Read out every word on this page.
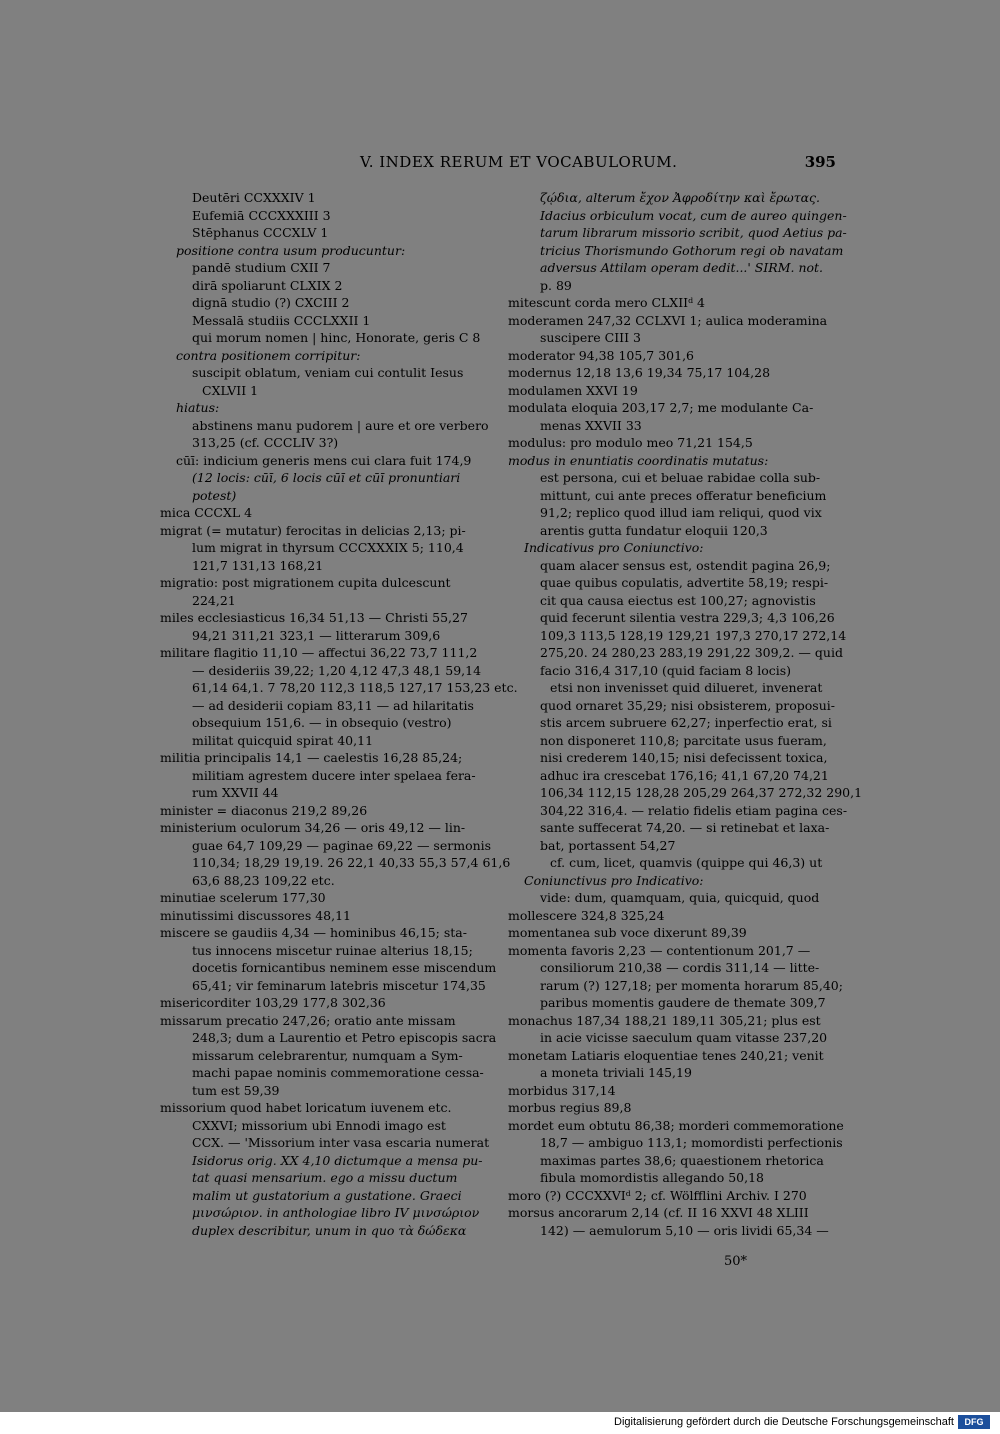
V. INDEX RERUM ET VOCABULORUM.	395
Deutēri CCXXXIV 1
Eufemiā CCCXXXIII 3
Stēphanus CCCXLV 1
positione contra usum producuntur:
pandē studium CXII 7
dirā spoliarunt CLXIX 2
dignā studio (?) CXCIII 2
Messalā studiis CCCLXXII 1
qui morum nomen | hinc, Honorate, geris C 8
contra positionem corripitur:
suscipit oblatum, veniam cui contulit Iesus
CXLVII 1
hiatus:
abstinens manu pudorem | aure et ore verbero
313,25 (cf. CCCLIV 3?)
cūī: indicium generis mens cui clara fuit 174,9
(12 locis: cūī, 6 locis cūī et cūī pronuntiari
potest)
mica CCCXL 4
migrat (= mutatur) ferocitas in delicias 2,13; pi-
lum migrat in thyrsum CCCXXXIX 5; 110,4
121,7 131,13 168,21
migratio: post migrationem cupita dulcescunt
224,21
miles ecclesiasticus 16,34 51,13 — Christi 55,27
94,21 311,21 323,1 — litterarum 309,6
militare flagitio 11,10 — affectui 36,22 73,7 111,2
— desideriis 39,22; 1,20 4,12 47,3 48,1 59,14
61,14 64,1. 7 78,20 112,3 118,5 127,17 153,23 etc.
— ad desiderii copiam 83,11 — ad hilaritatis
obsequium 151,6. — in obsequio (vestro)
militat quicquid spirat 40,11
militia principalis 14,1 — caelestis 16,28 85,24;
militiam agrestem ducere inter spelaea fera-
rum XXVII 44
minister = diaconus 219,2 89,26
ministerium oculorum 34,26 — oris 49,12 — lin-
guae 64,7 109,29 — paginae 69,22 — sermonis
110,34; 18,29 19,19. 26 22,1 40,33 55,3 57,4 61,6
63,6 88,23 109,22 etc.
minutiae scelerum 177,30
minutissimi discussores 48,11
miscere se gaudiis 4,34 — hominibus 46,15; sta-
tus innocens miscetur ruinae alterius 18,15;
docetis fornicantibus neminem esse miscendum
65,41; vir feminarum latebris miscetur 174,35
misericorditer 103,29 177,8 302,36
missarum precatio 247,26; oratio ante missam
248,3; dum a Laurentio et Petro episcopis sacra
missarum celebrarentur, numquam a Sym-
machi papae nominis commemoratione cessa-
tum est 59,39
missorium quod habet loricatum iuvenem etc.
CXXVI; missorium ubi Ennodi imago est
CCX. — 'Missorium inter vasa escaria numerat
Isidorus orig. XX 4,10 dictumque a mensa pu-
tat quasi mensarium. ego a missu ductum
malim ut gustatorium a gustatione. Graeci
μινσώριον. in anthologiae libro IV μινσώριον
duplex describitur, unum in quo τὰ δώδεκα
ζῴδια, alterum ἔχον Ἀφροδίτην καὶ ἔρωτας.
Idacius orbiculum vocat, cum de aureo quingen-
tarum librarum missorio scribit, quod Aetius pa-
tricius Thorismundo Gothorum regi ob navatam
adversus Attilam operam dedit...' SIRM. not.
p. 89
mitescunt corda mero CLXIIᵈ 4
moderamen 247,32 CCLXVI 1; aulica moderamina
suscipere CIII 3
moderator 94,38 105,7 301,6
modernus 12,18 13,6 19,34 75,17 104,28
modulamen XXVI 19
modulata eloquia 203,17 2,7; me modulante Ca-
menas XXVII 33
modulus: pro modulo meo 71,21 154,5
modus in enuntiatis coordinatis mutatus:
est persona, cui et beluae rabidae colla sub-
mittunt, cui ante preces offeratur beneficium
91,2; replico quod illud iam reliqui, quod vix
arentis gutta fundatur eloquii 120,3
Indicativus pro Coniunctivo:
quam alacer sensus est, ostendit pagina 26,9;
quae quibus copulatis, advertite 58,19; respi-
cit qua causa eiectus est 100,27; agnovistis
quid fecerunt silentia vestra 229,3; 4,3 106,26
109,3 113,5 128,19 129,21 197,3 270,17 272,14
275,20. 24 280,23 283,19 291,22 309,2. — quid
facio 316,4 317,10 (quid faciam 8 locis)
etsi non invenisset quid dilueret, invenerat
quod ornaret 35,29; nisi obsisterem, proposui-
stis arcem subruere 62,27; inperfectio erat, si
non disponeret 110,8; parcitate usus fueram,
nisi crederem 140,15; nisi defecissent toxica,
adhuc ira crescebat 176,16; 41,1 67,20 74,21
106,34 112,15 128,28 205,29 264,37 272,32 290,1
304,22 316,4. — relatio fidelis etiam pagina ces-
sante suffecerat 74,20. — si retinebat et laxa-
bat, portassent 54,27
cf. cum, licet, quamvis (quippe qui 46,3) ut
Coniunctivus pro Indicativo:
vide: dum, quamquam, quia, quicquid, quod
mollescere 324,8 325,24
momentanea sub voce dixerunt 89,39
momenta favoris 2,23 — contentionum 201,7 —
consiliorum 210,38 — cordis 311,14 — litte-
rarum (?) 127,18; per momenta horarum 85,40;
paribus momentis gaudere de themate 309,7
monachus 187,34 188,21 189,11 305,21; plus est
in acie vicisse saeculum quam vitasse 237,20
monetam Latiaris eloquentiae tenes 240,21; venit
a moneta triviali 145,19
morbidus 317,14
morbus regius 89,8
mordet eum obtutu 86,38; morderi commemoratione
18,7 — ambiguo 113,1; momordisti perfectionis
maximas partes 38,6; quaestionem rhetorica
fibula momordistis allegando 50,18
moro (?) CCCXXVIᵈ 2; cf. Wölfflini Archiv. I 270
morsus ancorarum 2,14 (cf. II 16 XXVI 48 XLIII
142) — aemulorum 5,10 — oris lividi 65,34 —
50*
Digitalisierung gefördert durch die Deutsche Forschungsgemeinschaft	DFG
